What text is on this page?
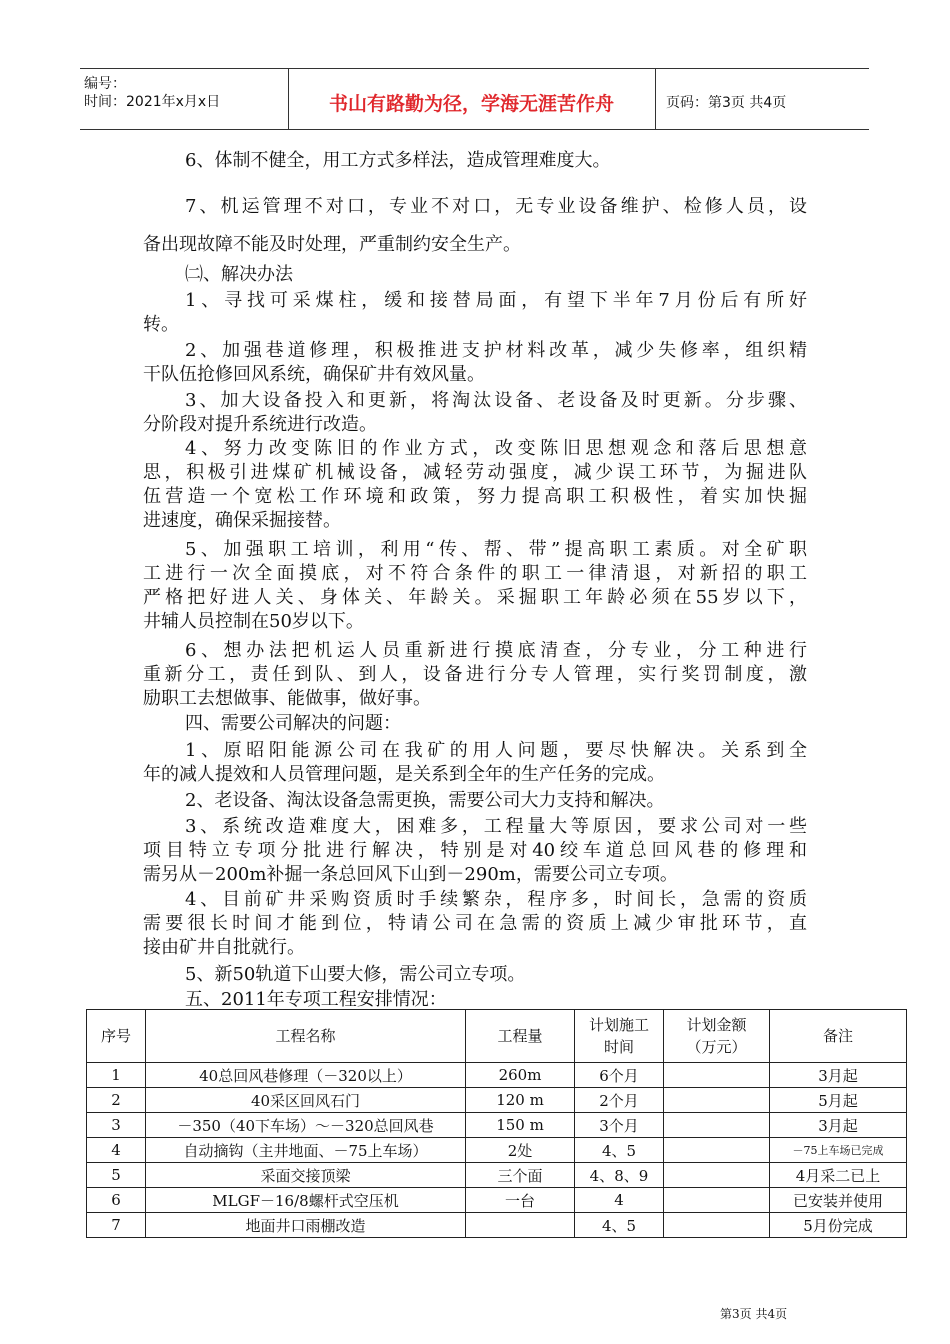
编号：
时间：2021年x月x日	书山有路勤为径，学海无涯苦作舟	页码：第3页 共4页
6、体制不健全，用工方式多样法，造成管理难度大。
7、机运管理不对口，专业不对口，无专业设备维护、检修人员，设
备出现故障不能及时处理，严重制约安全生产。
㈡、解决办法
1、寻找可采煤柱，缓和接替局面，有望下半年7月份后有所好
转。
2、加强巷道修理，积极推进支护材料改革，减少失修率，组织精
干队伍抢修回风系统，确保矿井有效风量。
3、加大设备投入和更新，将淘汰设备、老设备及时更新。分步骤、
分阶段对提升系统进行改造。
4、努力改变陈旧的作业方式，改变陈旧思想观念和落后思想意
思，积极引进煤矿机械设备，减轻劳动强度，减少误工环节，为掘进队
伍营造一个宽松工作环境和政策，努力提高职工积极性，着实加快掘
进速度，确保采掘接替。
5、加强职工培训，利用“传、帮、带”提高职工素质。对全矿职
工进行一次全面摸底，对不符合条件的职工一律清退，对新招的职工
严格把好进人关、身体关、年龄关。采掘职工年龄必须在55岁以下，
井辅人员控制在50岁以下。
6、想办法把机运人员重新进行摸底清查，分专业，分工种进行
重新分工，责任到队、到人，设备进行分专人管理，实行奖罚制度，激
励职工去想做事、能做事，做好事。
四、需要公司解决的问题：
1、原昭阳能源公司在我矿的用人问题，要尽快解决。关系到全
年的减人提效和人员管理问题，是关系到全年的生产任务的完成。
2、老设备、淘汰设备急需更换，需要公司大力支持和解决。
3、系统改造难度大，困难多，工程量大等原因，要求公司对一些
项目特立专项分批进行解决，特别是对40绞车道总回风巷的修理和
需另从－200m补掘一条总回风下山到－290m，需要公司立专项。
4、目前矿井采购资质时手续繁杂，程序多，时间长，急需的资质
需要很长时间才能到位，特请公司在急需的资质上减少审批环节，直
接由矿井自批就行。
5、新50轨道下山要大修，需公司立专项。
五、2011年专项工程安排情况：
序号	工程名称	工程量	计划施工时间	计划金额（万元）	备注
1	40总回风巷修理（－320以上）	260m	6个月		3月起
2	40采区回风石门	120 m	2个月		5月起
3	－350（40下车场）～－320总回风巷	150 m	3个月		3月起
4	自动摘钩（主井地面、－75上车场）	2处	4、5		－75上车场已完成
5	采面交接顶梁	三个面	4、8、9		4月采二已上
6	MLGF－16/8螺杆式空压机	一台	4		已安装并使用
7	地面井口雨棚改造		4、5		5月份完成
第3页 共4页
